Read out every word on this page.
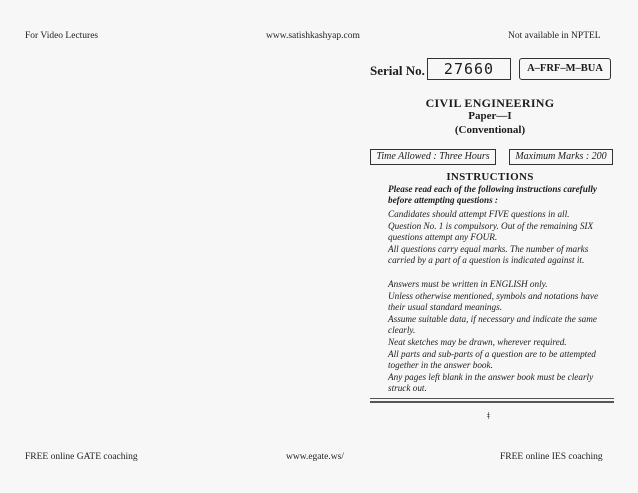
For Video Lectures	www.satishkashyap.com	Not available in NPTEL
Serial No.	27660	A–FRF–M–BUA
CIVIL ENGINEERING
Paper—I
(Conventional)
Time Allowed : Three Hours	Maximum Marks : 200
INSTRUCTIONS

Please read each of the following instructions carefully before attempting questions :

Candidates should attempt FIVE questions in all.

Question No. 1 is compulsory. Out of the remaining SIX questions attempt any FOUR.

All questions carry equal marks. The number of marks carried by a part of a question is indicated against it.

Answers must be written in ENGLISH only.

Unless otherwise mentioned, symbols and notations have their usual standard meanings.

Assume suitable data, if necessary and indicate the same clearly.

Neat sketches may be drawn, wherever required.

All parts and sub-parts of a question are to be attempted together in the answer book.

Any pages left blank in the answer book must be clearly struck out.

ǂ
FREE online GATE coaching	www.egate.ws/	FREE online IES coaching
